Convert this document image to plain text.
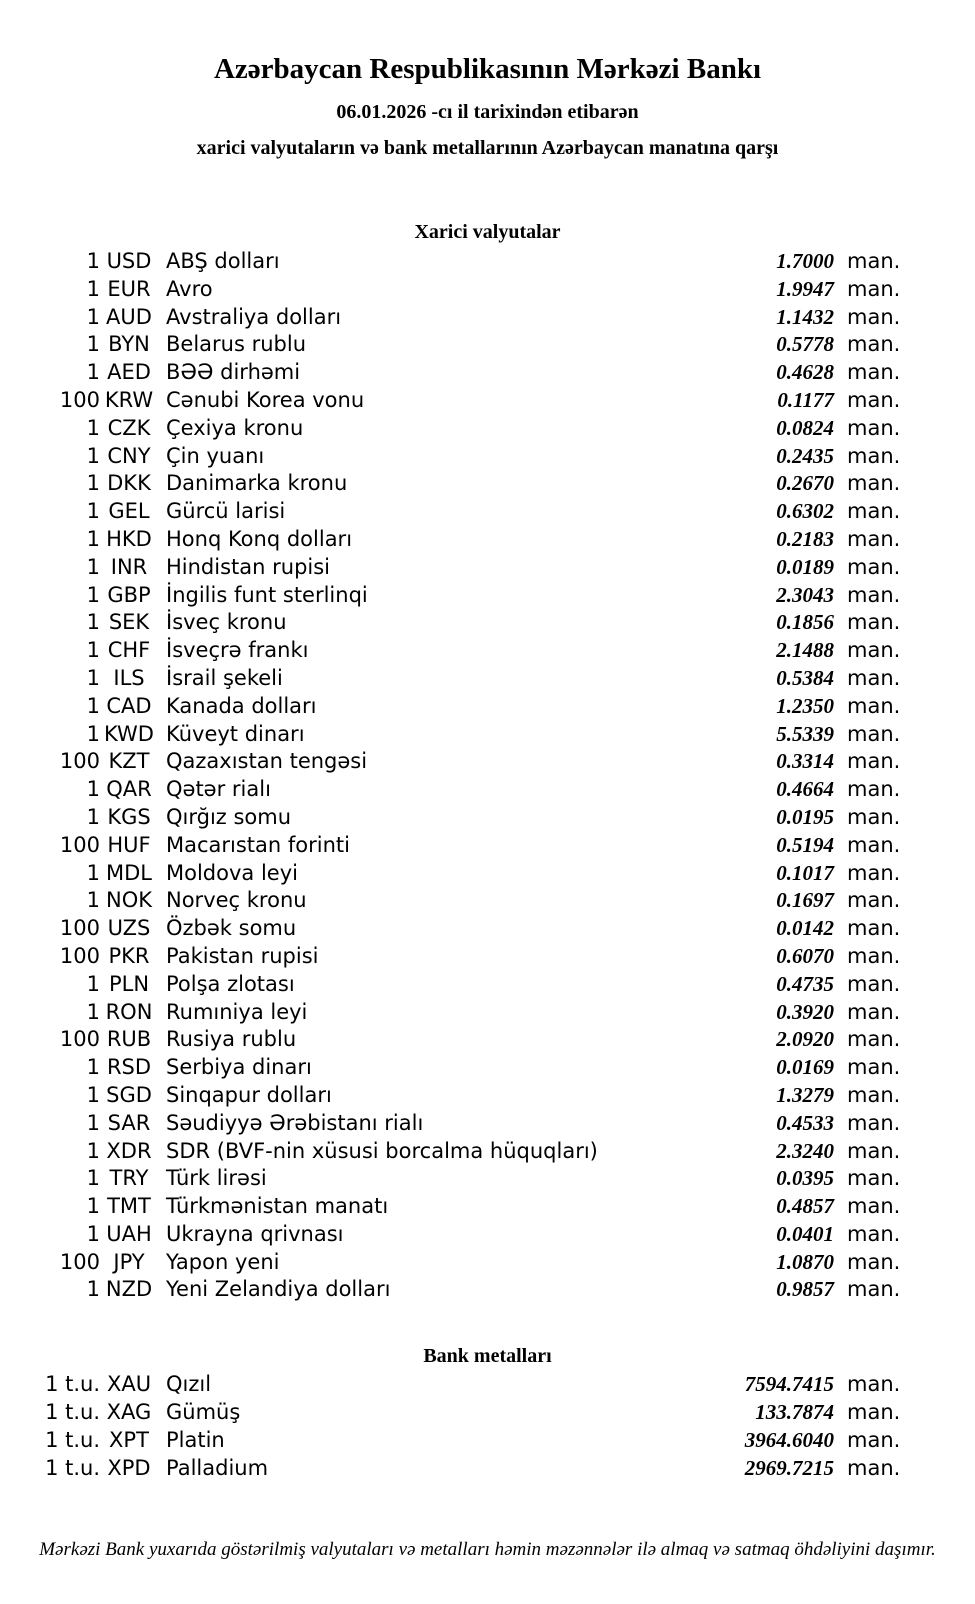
Azərbaycan Respublikasının Mərkəzi Bankı
06.01.2026 -cı il tarixindən etibarən
xarici valyutaların və bank metallarının Azərbaycan manatına qarşı
Xarici valyutalar
1 USD ABŞ dolları	1.7000 man.
1 EUR Avro	1.9947 man.
1 AUD Avstraliya dolları	1.1432 man.
1 BYN Belarus rublu	0.5778 man.
1 AED BƏƏ dirhəmi	0.4628 man.
100 KRW Cənubi Korea vonu	0.1177 man.
1 CZK Çexiya kronu	0.0824 man.
1 CNY Çin yuanı	0.2435 man.
1 DKK Danimarka kronu	0.2670 man.
1 GEL Gürcü larisi	0.6302 man.
1 HKD Honq Konq dolları	0.2183 man.
1 INR Hindistan rupisi	0.0189 man.
1 GBP İngilis funt sterlinqi	2.3043 man.
1 SEK İsveç kronu	0.1856 man.
1 CHF İsveçrə frankı	2.1488 man.
1 ILS	İsrail şekeli	0.5384 man.
1 CAD Kanada dolları	1.2350 man.
1 KWD Küveyt dinarı	5.5339 man.
100 KZT Qazaxıstan tengəsi	0.3314 man.
1 QAR Qətər rialı	0.4664 man.
1 KGS Qırğız somu	0.0195 man.
100 HUF Macarıstan forinti	0.5194 man.
1 MDL Moldova leyi	0.1017 man.
1 NOK Norveç kronu	0.1697 man.
100 UZS Özbək somu	0.0142 man.
100 PKR Pakistan rupisi	0.6070 man.
1 PLN Polşa zlotası	0.4735 man.
1 RON Rumıniya leyi	0.3920 man.
100 RUB Rusiya rublu	2.0920 man.
1 RSD Serbiya dinarı	0.0169 man.
1 SGD Sinqapur dolları	1.3279 man.
1 SAR Səudiyyə Ərəbistanı rialı	0.4533 man.
1 XDR SDR (BVF-nin xüsusi borcalma hüquqları)	2.3240 man.
1 TRY Türk lirəsi	0.0395 man.
1 TMT Türkmənistan manatı	0.4857 man.
1 UAH Ukrayna qrivnası	0.0401 man.
100 JPY	Yapon yeni	1.0870 man.
1 NZD Yeni Zelandiya dolları	0.9857 man.
Bank metalları
1 t.u. XAU Qızıl	7594.7415 man.
1 t.u. XAG Gümüş	133.7874 man.
1 t.u. XPT Platin	3964.6040 man.
1 t.u. XPD Palladium	2969.7215 man.
Mərkəzi Bank yuxarıda göstərilmiş valyutaları və metalları həmin məzənnələr ilə almaq və satmaq öhdəliyini daşımır.
